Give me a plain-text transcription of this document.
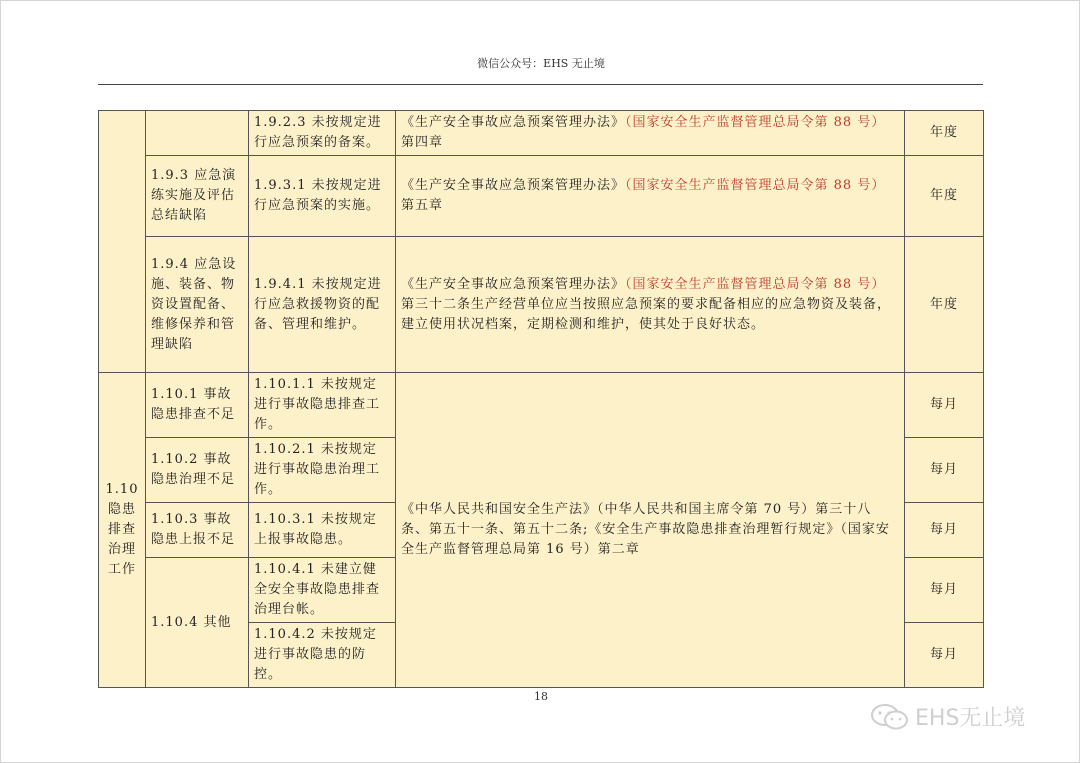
微信公众号：EHS 无止境
		1.9.2.3 未按规定进行应急预案的备案。	《生产安全事故应急预案管理办法》（国家安全生产监督管理总局令第 88 号）第四章	年度
	1.9.3 应急演练实施及评估总结缺陷	1.9.3.1 未按规定进行应急预案的实施。	《生产安全事故应急预案管理办法》（国家安全生产监督管理总局令第 88 号）第五章	年度
	1.9.4 应急设施、装备、物资设置配备、维修保养和管理缺陷	1.9.4.1 未按规定进行应急救援物资的配备、管理和维护。	《生产安全事故应急预案管理办法》（国家安全生产监督管理总局令第 88 号）第三十二条生产经营单位应当按照应急预案的要求配备相应的应急物资及装备，建立使用状况档案，定期检测和维护，使其处于良好状态。	年度
1.10 隐患排查治理工作	1.10.1 事故隐患排查不足	1.10.1.1 未按规定进行事故隐患排查工作。	《中华人民共和国安全生产法》（中华人民共和国主席令第 70 号）第三十八条、第五十一条、第五十二条;《安全生产事故隐患排查治理暂行规定》（国家安全生产监督管理总局第 16 号）第二章	每月
	1.10.2 事故隐患治理不足	1.10.2.1 未按规定进行事故隐患治理工作。		每月
	1.10.3 事故隐患上报不足	1.10.3.1 未按规定上报事故隐患。		每月
	1.10.4 其他	1.10.4.1 未建立健全安全事故隐患排查治理台帐。		每月
		1.10.4.2 未按规定进行事故隐患的防控。		每月
18
EHS无止境
